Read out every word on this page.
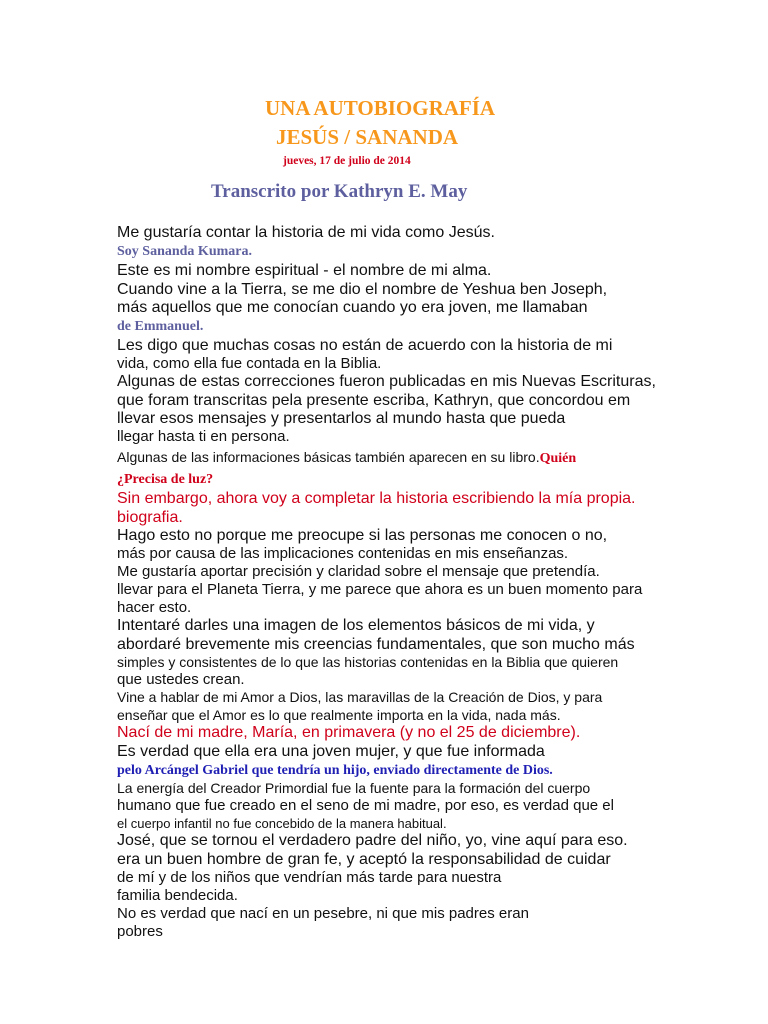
UNA AUTOBIOGRAFÍA
JESÚS / SANANDA
jueves, 17 de julio de 2014
Transcrito por Kathryn E. May
Me gustaría contar la historia de mi vida como Jesús.
Soy Sananda Kumara.
Este es mi nombre espiritual - el nombre de mi alma.
Cuando vine a la Tierra, se me dio el nombre de Yeshua ben Joseph,
más aquellos que me conocían cuando yo era joven, me llamaban
de Emmanuel.
Les digo que muchas cosas no están de acuerdo con la historia de mi
vida, como ella fue contada en la Biblia.
Algunas de estas correcciones fueron publicadas en mis Nuevas Escrituras,
que foram transcritas pela presente escriba, Kathryn, que concordou em
llevar esos mensajes y presentarlos al mundo hasta que pueda
llegar hasta ti en persona.
Algunas de las informaciones básicas también aparecen en su libro.Quién
¿Precisa de luz?
Sin embargo, ahora voy a completar la historia escribiendo la mía propia.
biografia.
Hago esto no porque me preocupe si las personas me conocen o no,
más por causa de las implicaciones contenidas en mis enseñanzas.
Me gustaría aportar precisión y claridad sobre el mensaje que pretendía.
llevar para el Planeta Tierra, y me parece que ahora es un buen momento para
hacer esto.
Intentaré darles una imagen de los elementos básicos de mi vida, y
abordaré brevemente mis creencias fundamentales, que son mucho más
simples y consistentes de lo que las historias contenidas en la Biblia que quieren
que ustedes crean.
Vine a hablar de mi Amor a Dios, las maravillas de la Creación de Dios, y para
enseñar que el Amor es lo que realmente importa en la vida, nada más.
Nací de mi madre, María, en primavera (y no el 25 de diciembre).
Es verdad que ella era una joven mujer, y que fue informada
pelo Arcángel Gabriel que tendría un hijo, enviado directamente de Dios.
La energía del Creador Primordial fue la fuente para la formación del cuerpo
humano que fue creado en el seno de mi madre, por eso, es verdad que el
el cuerpo infantil no fue concebido de la manera habitual.
José, que se tornou el verdadero padre del niño, yo, vine aquí para eso.
era un buen hombre de gran fe, y aceptó la responsabilidad de cuidar
de mí y de los niños que vendrían más tarde para nuestra
familia bendecida.
No es verdad que nací en un pesebre, ni que mis padres eran
pobres
